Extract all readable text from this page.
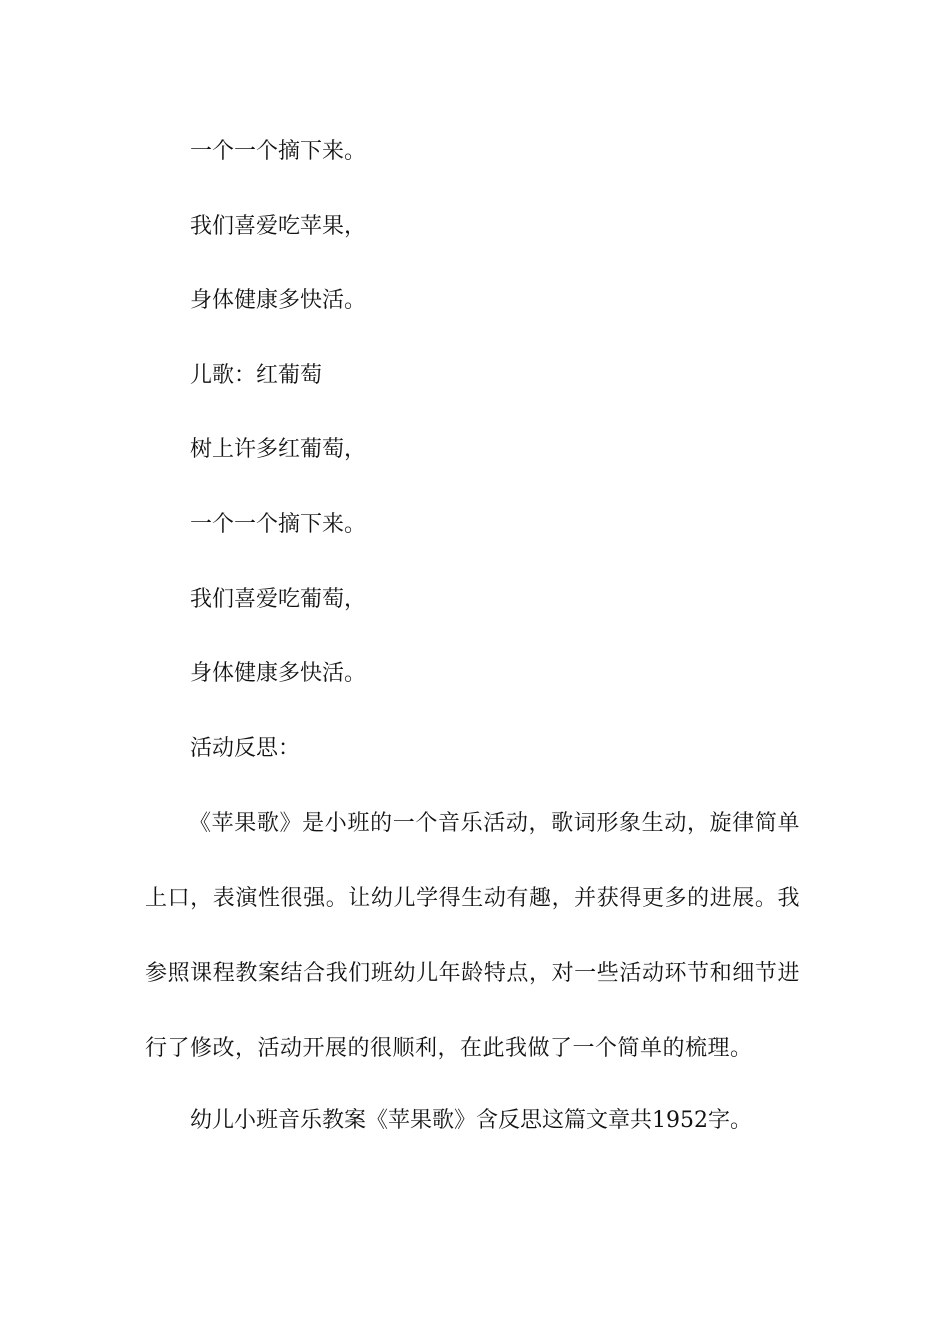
一个一个摘下来。
我们喜爱吃苹果，
身体健康多快活。
儿歌：红葡萄
树上许多红葡萄，
一个一个摘下来。
我们喜爱吃葡萄，
身体健康多快活。
活动反思：
《苹果歌》是小班的一个音乐活动，歌词形象生动，旋律简单上口，表演性很强。让幼儿学得生动有趣，并获得更多的进展。我参照课程教案结合我们班幼儿年龄特点，对一些活动环节和细节进行了修改，活动开展的很顺利，在此我做了一个简单的梳理。
幼儿小班音乐教案《苹果歌》含反思这篇文章共1952字。
